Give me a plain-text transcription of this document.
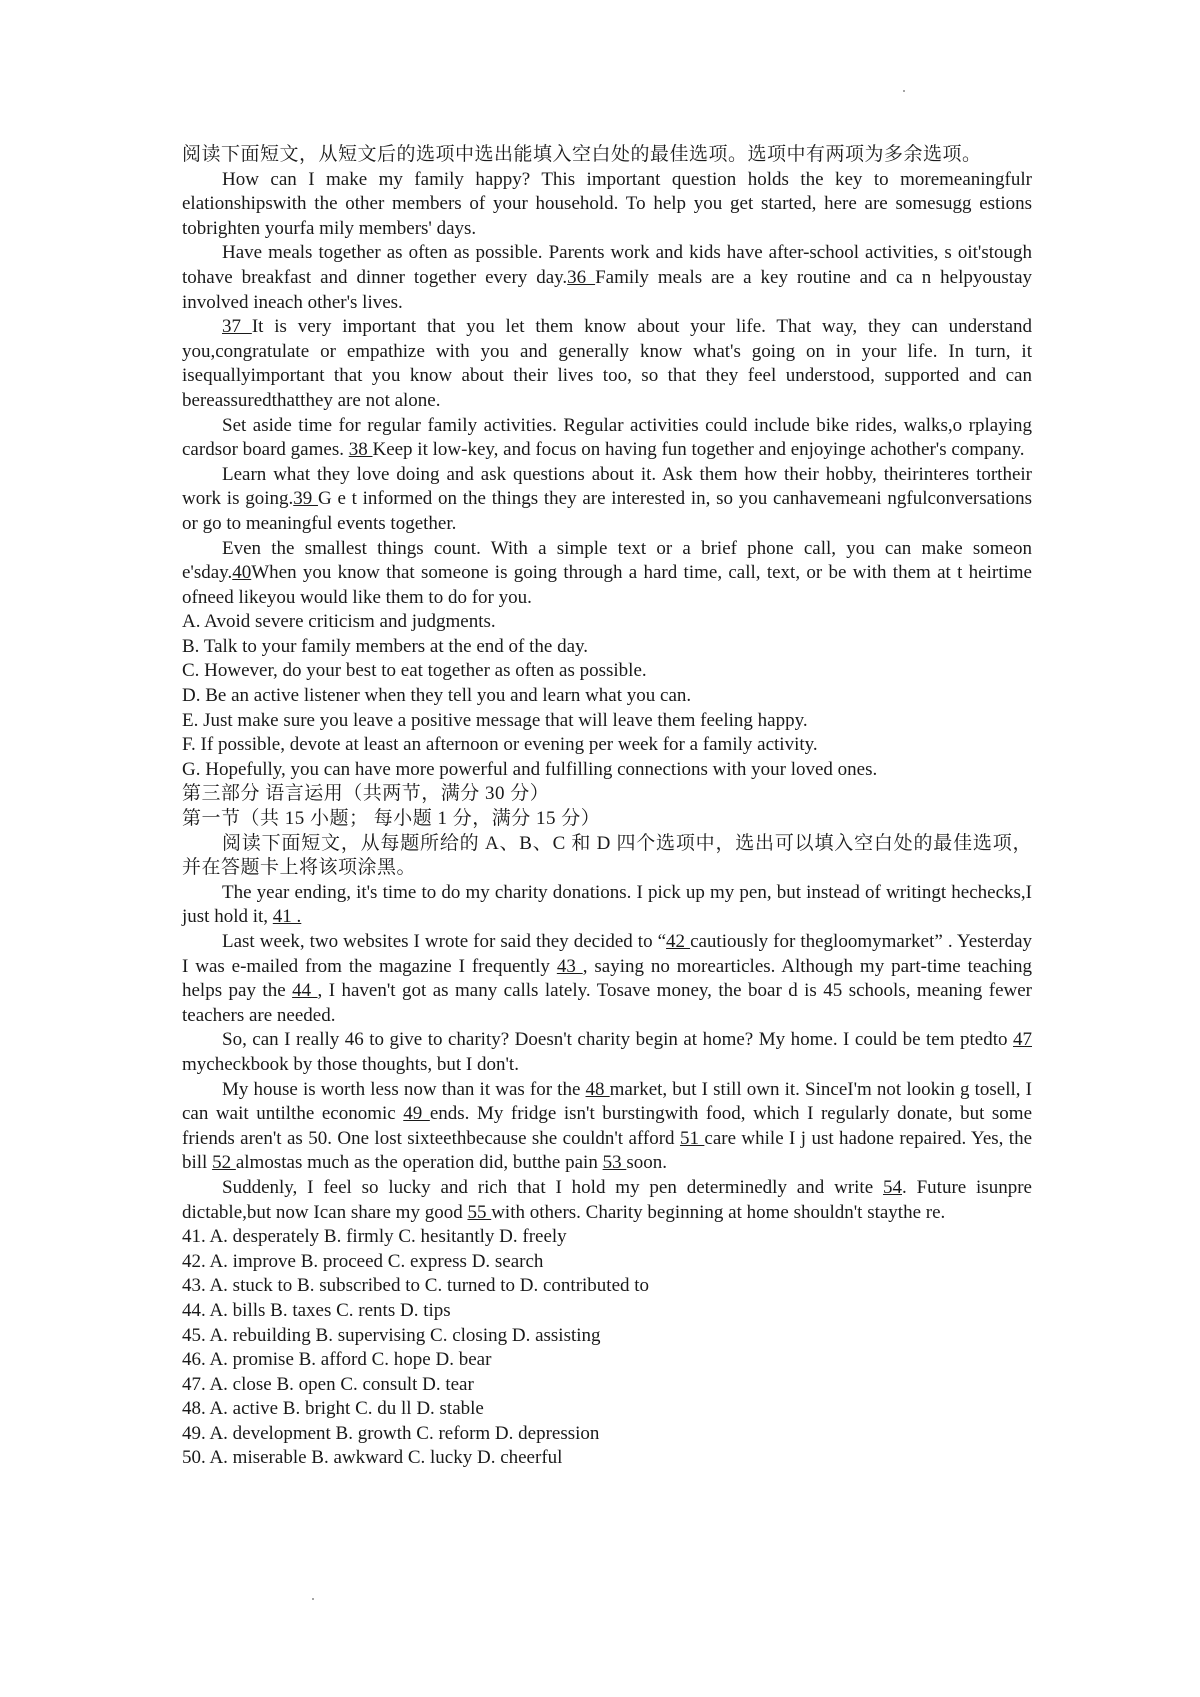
阅读下面短文，从短文后的选项中选出能填入空白处的最佳选项。选项中有两项为多余选项。

How can I make my family happy? This important question holds the key to moremeaningfulr elationshipswith the other members of your household. To help you get started, here are somesugg estions tobrighten yourfa mily members' days.

Have meals together as often as possible. Parents work and kids have after-school activities, s oit'stough tohave breakfast and dinner together every day.36 Family meals are a key routine and ca n helpyoustay involved ineach other's lives.

37 It is very important that you let them know about your life. That way, they can understand you,congratulate or empathize with you and generally know what's going on in your life. In turn, it isequallyimportant that you know about their lives too, so that they feel understood, supported and can bereassuredthatthey are not alone.

Set aside time for regular family activities. Regular activities could include bike rides, walks,o rplaying cardsor board games. 38 Keep it low-key, and focus on having fun together and enjoyinge achother's company.

Learn what they love doing and ask questions about it. Ask them how their hobby, theirinteres tortheir work is going.39 G e t informed on the things they are interested in, so you canhavemeani ngfulconversations or go to meaningful events together.

Even the smallest things count. With a simple text or a brief phone call, you can make someon e'sday.40When you know that someone is going through a hard time, call, text, or be with them at t heirtime ofneed likeyou would like them to do for you.

A. Avoid severe criticism and judgments.

B. Talk to your family members at the end of the day.

C. However, do your best to eat together as often as possible.

D. Be an active listener when they tell you and learn what you can.

E. Just make sure you leave a positive message that will leave them feeling happy.

F. If possible, devote at least an afternoon or evening per week for a family activity.

G. Hopefully, you can have more powerful and fulfilling connections with your loved ones.

第三部分 语言运用（共两节，满分 30 分）

第一节（共 15 小题； 每小题 1 分，满分 15 分）

阅读下面短文，从每题所给的 A、B、C 和 D 四个选项中，选出可以填入空白处的最佳选项，并在答题卡上将该项涂黑。

The year ending, it's time to do my charity donations. I pick up my pen, but instead of writingt hechecks,I just hold it, 41 .

Last week, two websites I wrote for said they decided to “42 cautiously for thegloomymarket” . Yesterday I was e-mailed from the magazine I frequently 43 , saying no morearticles. Although my part-time teaching helps pay the 44 , I haven't got as many calls lately. Tosave money, the boar d is 45 schools, meaning fewer teachers are needed.

So, can I really 46 to give to charity? Doesn't charity begin at home? My home. I could be tem ptedto 47 mycheckbook by those thoughts, but I don't.

My house is worth less now than it was for the 48 market, but I still own it. SinceI'm not lookin g tosell, I can wait untilthe economic 49 ends. My fridge isn't burstingwith food, which I regularly donate, but some friends aren't as 50. One lost sixteethbecause she couldn't afford 51 care while I j ust hadone repaired. Yes, the bill 52 almostas much as the operation did, butthe pain 53 soon.

Suddenly, I feel so lucky and rich that I hold my pen determinedly and write 54. Future isunpre dictable,but now Ican share my good 55 with others. Charity beginning at home shouldn't staythe re.

41. A. desperately B. firmly C. hesitantly D. freely

42. A. improve B. proceed C. express D. search

43. A. stuck to B. subscribed to C. turned to D. contributed to

44. A. bills B. taxes C. rents D. tips

45. A. rebuilding B. supervising C. closing D. assisting

46. A. promise B. afford C. hope D. bear

47. A. close B. open C. consult D. tear

48. A. active B. bright C. du ll D. stable

49. A. development B. growth C. reform D. depression

50. A. miserable B. awkward C. lucky D. cheerful
